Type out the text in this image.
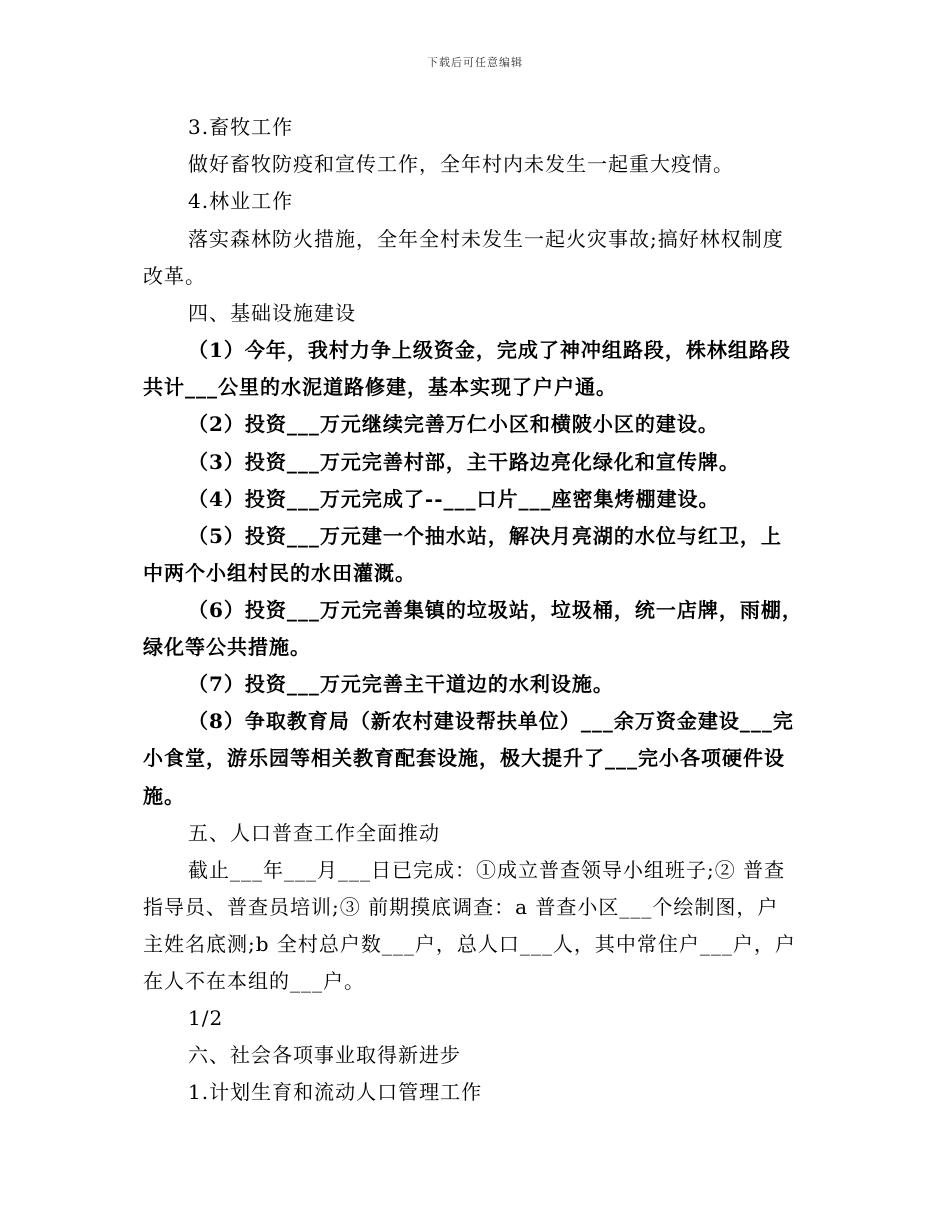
下载后可任意编辑
3.畜牧工作
做好畜牧防疫和宣传工作，全年村内未发生一起重大疫情。
4.林业工作
落实森林防火措施，全年全村未发生一起火灾事故;搞好林权制度
改革。
四、基础设施建设
（1）今年，我村力争上级资金，完成了神冲组路段，株林组路段
共计___公里的水泥道路修建，基本实现了户户通。
（2）投资___万元继续完善万仁小区和横陂小区的建设。
（3）投资___万元完善村部，主干路边亮化绿化和宣传牌。
（4）投资___万元完成了--___口片___座密集烤棚建设。
（5）投资___万元建一个抽水站，解决月亮湖的水位与红卫，上
中两个小组村民的水田灌溉。
（6）投资___万元完善集镇的垃圾站，垃圾桶，统一店牌，雨棚，
绿化等公共措施。
（7）投资___万元完善主干道边的水利设施。
（8）争取教育局（新农村建设帮扶单位）___余万资金建设___完
小食堂，游乐园等相关教育配套设施，极大提升了___完小各项硬件设
施。
五、人口普查工作全面推动
截止___年___月___日已完成：①成立普查领导小组班子;② 普查
指导员、普查员培训;③ 前期摸底调查：a 普查小区___个绘制图，户
主姓名底测;b 全村总户数___户，总人口___人，其中常住户___户，户
在人不在本组的___户。
1/2
六、社会各项事业取得新进步
1.计划生育和流动人口管理工作
